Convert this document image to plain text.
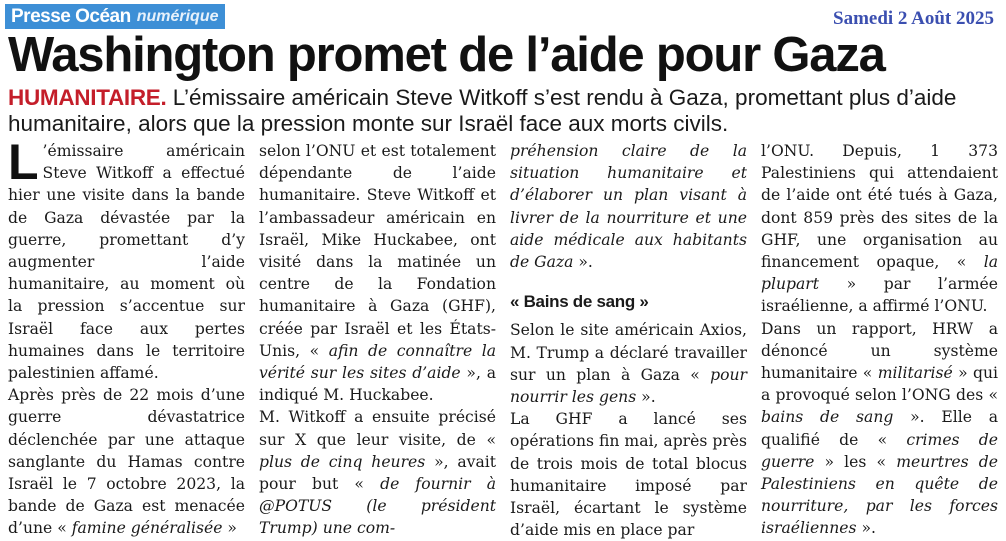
Presse Océan numérique	Samedi 2 Août 2025
Washington promet de l’aide pour Gaza
HUMANITAIRE. L’émissaire américain Steve Witkoff s’est rendu à Gaza, promettant plus d’aide humanitaire, alors que la pression monte sur Israël face aux morts civils.

L ’émissaire américain Steve Witkoff a effectué hier une visite dans la bande de Gaza dévastée par la guerre, promettant d’y augmenter l’aide humanitaire, au moment où la pression s’accentue sur Israël face aux pertes humaines dans le territoire palestinien affamé.

Après près de 22 mois d’une guerre dévastatrice déclenchée par une attaque sanglante du Hamas contre Israël le 7 octobre 2023, la bande de Gaza est menacée d’une « famine généralisée »

selon l’ONU et est totalement dépendante de l’aide humanitaire. Steve Witkoff et l’ambassadeur américain en Israël, Mike Huckabee, ont visité dans la matinée un centre de la Fondation humanitaire à Gaza (GHF), créée par Israël et les États-Unis, « afin de connaître la vérité sur les sites d’aide », a indiqué M. Huckabee.

M. Witkoff a ensuite précisé sur X que leur visite, de « plus de cinq heures », avait pour but « de fournir à @POTUS (le président Trump) une com-

préhension claire de la situation humanitaire et d’élaborer un plan visant à livrer de la nourriture et une aide médicale aux habitants de Gaza ».

« Bains de sang »

Selon le site américain Axios, M. Trump a déclaré travailler sur un plan à Gaza « pour nourrir les gens ».

La GHF a lancé ses opérations fin mai, après près de trois mois de total blocus humanitaire imposé par Israël, écartant le système d’aide mis en place par

l’ONU. Depuis, 1 373 Palestiniens qui attendaient de l’aide ont été tués à Gaza, dont 859 près des sites de la GHF, une organisation au financement opaque, « la plupart » par l’armée israélienne, a affirmé l’ONU.

Dans un rapport, HRW a dénoncé un système humanitaire « militarisé » qui a provoqué selon l’ONG des « bains de sang ». Elle a qualifié de « crimes de guerre » les « meurtres de Palestiniens en quête de nourriture, par les forces israéliennes ».
